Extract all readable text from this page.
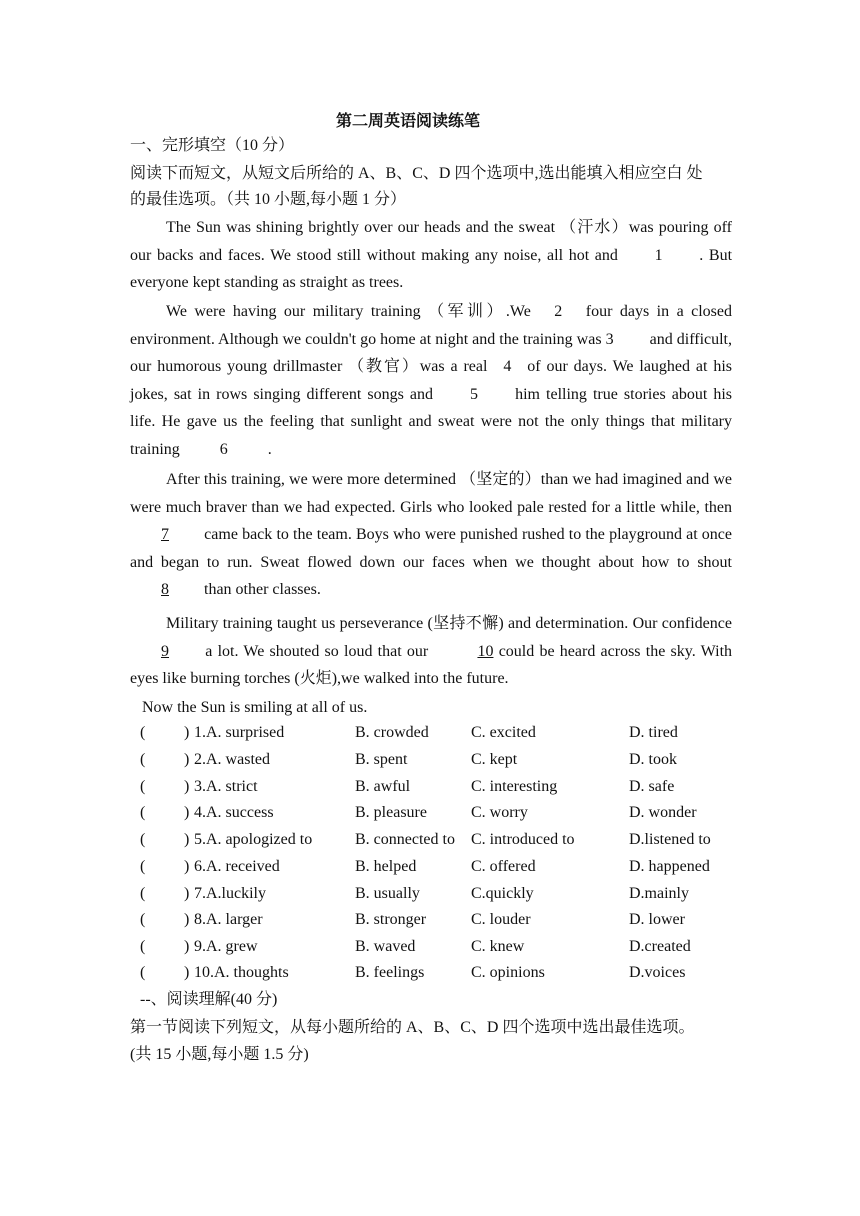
第二周英语阅读练笔
一、完形填空（10 分）
阅读下而短文，从短文后所给的 A、B、C、D 四个选项中,选出能填入相应空白 处
的最佳选项。（共 10 小题,每小题 1 分）
The Sun was shining brightly over our heads and the sweat （汗水）was pouring off our backs and faces. We stood still without making any noise, all hot and 1 . But everyone kept standing as straight as trees.
We were having our military training （军训）.We 2 four days in a closed environment. Although we couldn't go home at night and the training was 3 and difficult, our humorous young drillmaster （教官）was a real 4 of our days. We laughed at his jokes, sat in rows singing different songs and 5 him telling true stories about his life. He gave us the feeling that sunlight and sweat were not the only things that military training	6	.
After this training, we were more determined （坚定的）than we had imagined and we were much braver than we had expected. Girls who looked pale rested for a little while, then 7 came back to the team. Boys who were punished rushed to the playground at once and began to run. Sweat flowed down our faces when we thought about how to shout 8 than other classes.
Military training taught us perseverance (坚持不懈) and determination. Our confidence 9 a lot. We shouted so loud that our	10 could be heard across the sky. With eyes like burning torches (火炬),we walked into the future.
Now the Sun is smiling at all of us.
( ) 1.A. surprised	B. crowded	C. excited	D. tired
( ) 2.A. wasted	B. spent	C. kept	D. took
( ) 3.A. strict	B. awful	C. interesting	D. safe
( ) 4.A. success	B. pleasure	C. worry	D. wonder
( ) 5.A. apologized to	B. connected to C. introduced to	D.listened to
( ) 6.A. received	B. helped	C. offered	D. happened
( ) 7.A.luckily	B. usually	C.quickly	D.mainly
( ) 8.A. larger	B. stronger	C. louder	D. lower
( ) 9.A. grew	B. waved	C. knew	D.created
( ) 10.A. thoughts	B. feelings	C. opinions	D.voices
--、阅读理解(40 分)
第一节阅读下列短文，从每小题所给的 A、B、C、D 四个选项中选出最佳选项。
(共 15 小题,每小题 1.5 分)
